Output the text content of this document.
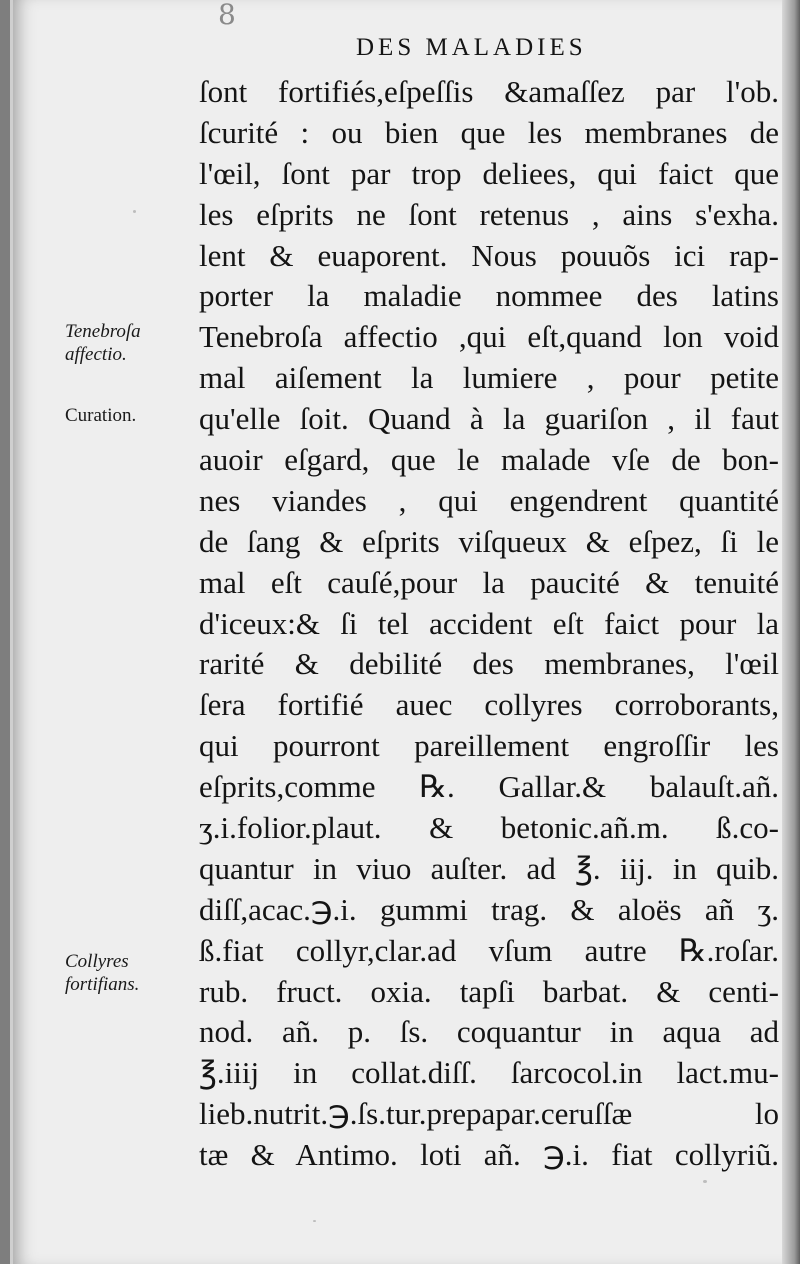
8
DES MALADIES
Tenebroſa
affectio.
Curation.
Collyres
fortifians.
ſont fortifiés,eſpeſſis &amaſſez par l'ob.
ſcurité : ou bien que les membranes de
l'œil, ſont par trop deliees, qui faict que
les eſprits ne ſont retenus , ains s'exha.
lent & euaporent. Nous pouuõs ici rap-
porter la maladie nommee des latins
Tenebroſa affectio ,qui eſt,quand lon void
mal aiſement la lumiere , pour petite
qu'elle ſoit. Quand à la guariſon , il faut
auoir eſgard, que le malade vſe de bon-
nes viandes , qui engendrent quantité
de ſang & eſprits viſqueux & eſpez, ſi le
mal eſt cauſé,pour la paucité & tenuité
d'iceux:& ſi tel accident eſt faict pour la
rarité & debilité des membranes, l'œil
ſera fortifié auec collyres corroborants,
qui pourront pareillement engroſſir les
eſprits,comme ℞. Gallar.& balauſt.añ.
ʒ.i.folior.plaut. & betonic.añ.m. ß.co-
quantur in viuo auſter. ad ℥. iij. in quib.
diſſ,acac.℈.i. gummi trag. & aloës añ ʒ.
ß.fiat collyr,clar.ad vſum autre ℞.roſar.
rub. fruct. oxia. tapſi barbat. & centi-
nod. añ. p. ſs. coquantur in aqua ad
℥.iiij in collat.diſſ. ſarcocol.in lact.mu-
lieb.nutrit.℈.ſs.tur.prepapar.ceruſſæ lo
tæ & Antimo. loti añ. ℈.i. fiat collyriũ.
